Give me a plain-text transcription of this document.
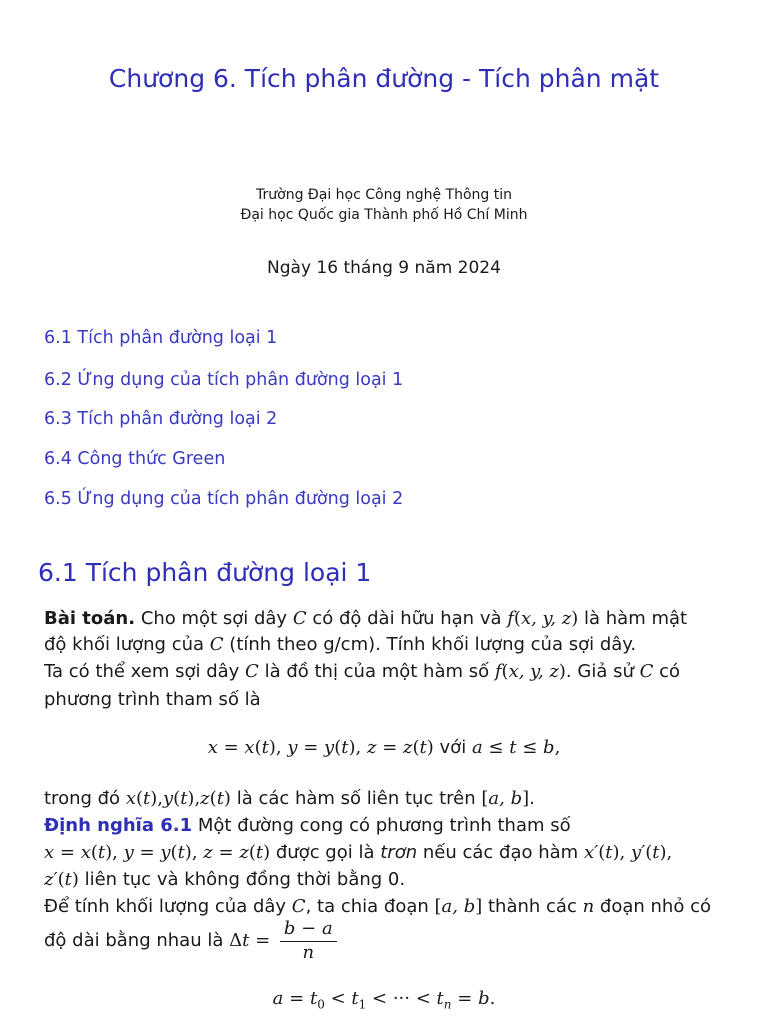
Chương 6. Tích phân đường - Tích phân mặt
Trường Đại học Công nghệ Thông tin
Đại học Quốc gia Thành phố Hồ Chí Minh
Ngày 16 tháng 9 năm 2024
6.1 Tích phân đường loại 1
6.2 Ứng dụng của tích phân đường loại 1
6.3 Tích phân đường loại 2
6.4 Công thức Green
6.5 Ứng dụng của tích phân đường loại 2
6.1 Tích phân đường loại 1
Bài toán. Cho một sợi dây C có độ dài hữu hạn và f(x, y, z) là hàm mật
độ khối lượng của C (tính theo g/cm). Tính khối lượng của sợi dây.
Ta có thể xem sợi dây C là đồ thị của một hàm số f(x, y, z). Giả sử C có
phương trình tham số là
x = x(t), y = y(t), z = z(t) với a ≤ t ≤ b,
trong đó x(t),y(t),z(t) là các hàm số liên tục trên [a, b].
Định nghĩa 6.1 Một đường cong có phương trình tham số
x = x(t), y = y(t), z = z(t) được gọi là trơn nếu các đạo hàm x′(t), y′(t),
z′(t) liên tục và không đồng thời bằng 0.
Để tính khối lượng của dây C, ta chia đoạn [a, b] thành các n đoạn nhỏ có
độ dài bằng nhau là $\Delta t = \frac{b - a}{n}$
$a = t_0 < t_1$ < ··· < $t_n = b$.
